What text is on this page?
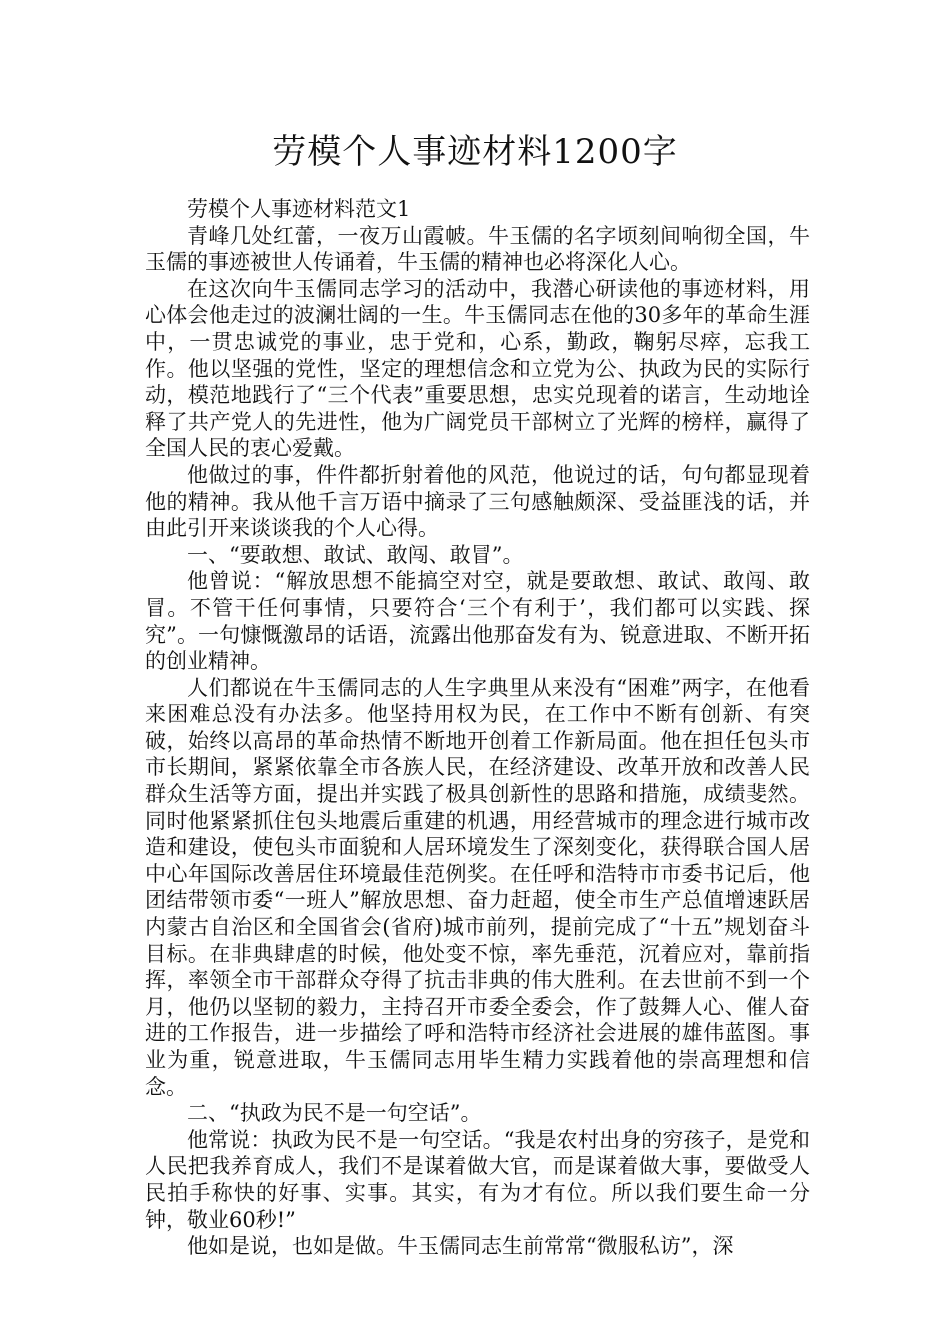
劳模个人事迹材料1200字

劳模个人事迹材料范文1

青峰几处红蕾，一夜万山霞帔。牛玉儒的名字顷刻间响彻全国，牛玉儒的事迹被世人传诵着，牛玉儒的精神也必将深化人心。

在这次向牛玉儒同志学习的活动中，我潜心研读他的事迹材料，用心体会他走过的波澜壮阔的一生。牛玉儒同志在他的30多年的革命生涯中，一贯忠诚党的事业，忠于党和，心系，勤政，鞠躬尽瘁，忘我工作。他以坚强的党性，坚定的理想信念和立党为公、执政为民的实际行动，模范地践行了“三个代表”重要思想，忠实兑现着的诺言，生动地诠释了共产党人的先进性，他为广阔党员干部树立了光辉的榜样，赢得了全国人民的衷心爱戴。

他做过的事，件件都折射着他的风范，他说过的话，句句都显现着他的精神。我从他千言万语中摘录了三句感触颇深、受益匪浅的话，并由此引开来谈谈我的个人心得。

一、“要敢想、敢试、敢闯、敢冒”。

他曾说：“解放思想不能搞空对空，就是要敢想、敢试、敢闯、敢冒。不管干任何事情，只要符合‘三个有利于’，我们都可以实践、探究”。一句慷慨激昂的话语，流露出他那奋发有为、锐意进取、不断开拓的创业精神。

人们都说在牛玉儒同志的人生字典里从来没有“困难”两字，在他看来困难总没有办法多。他坚持用权为民，在工作中不断有创新、有突破，始终以高昂的革命热情不断地开创着工作新局面。他在担任包头市市长期间，紧紧依靠全市各族人民，在经济建设、改革开放和改善人民群众生活等方面，提出并实践了极具创新性的思路和措施，成绩斐然。同时他紧紧抓住包头地震后重建的机遇，用经营城市的理念进行城市改造和建设，使包头市面貌和人居环境发生了深刻变化，获得联合国人居中心年国际改善居住环境最佳范例奖。在任呼和浩特市市委书记后，他团结带领市委“一班人”解放思想、奋力赶超，使全市生产总值增速跃居内蒙古自治区和全国省会(省府)城市前列，提前完成了“十五”规划奋斗目标。在非典肆虐的时候，他处变不惊，率先垂范，沉着应对，靠前指挥，率领全市干部群众夺得了抗击非典的伟大胜利。在去世前不到一个月，他仍以坚韧的毅力，主持召开市委全委会，作了鼓舞人心、催人奋进的工作报告，进一步描绘了呼和浩特市经济社会进展的雄伟蓝图。事业为重，锐意进取，牛玉儒同志用毕生精力实践着他的崇高理想和信念。

二、“执政为民不是一句空话”。

他常说：执政为民不是一句空话。“我是农村出身的穷孩子，是党和人民把我养育成人，我们不是谋着做大官，而是谋着做大事，要做受人民拍手称快的好事、实事。其实，有为才有位。所以我们要生命一分钟，敬业60秒!”

他如是说，也如是做。牛玉儒同志生前常常“微服私访”，深
